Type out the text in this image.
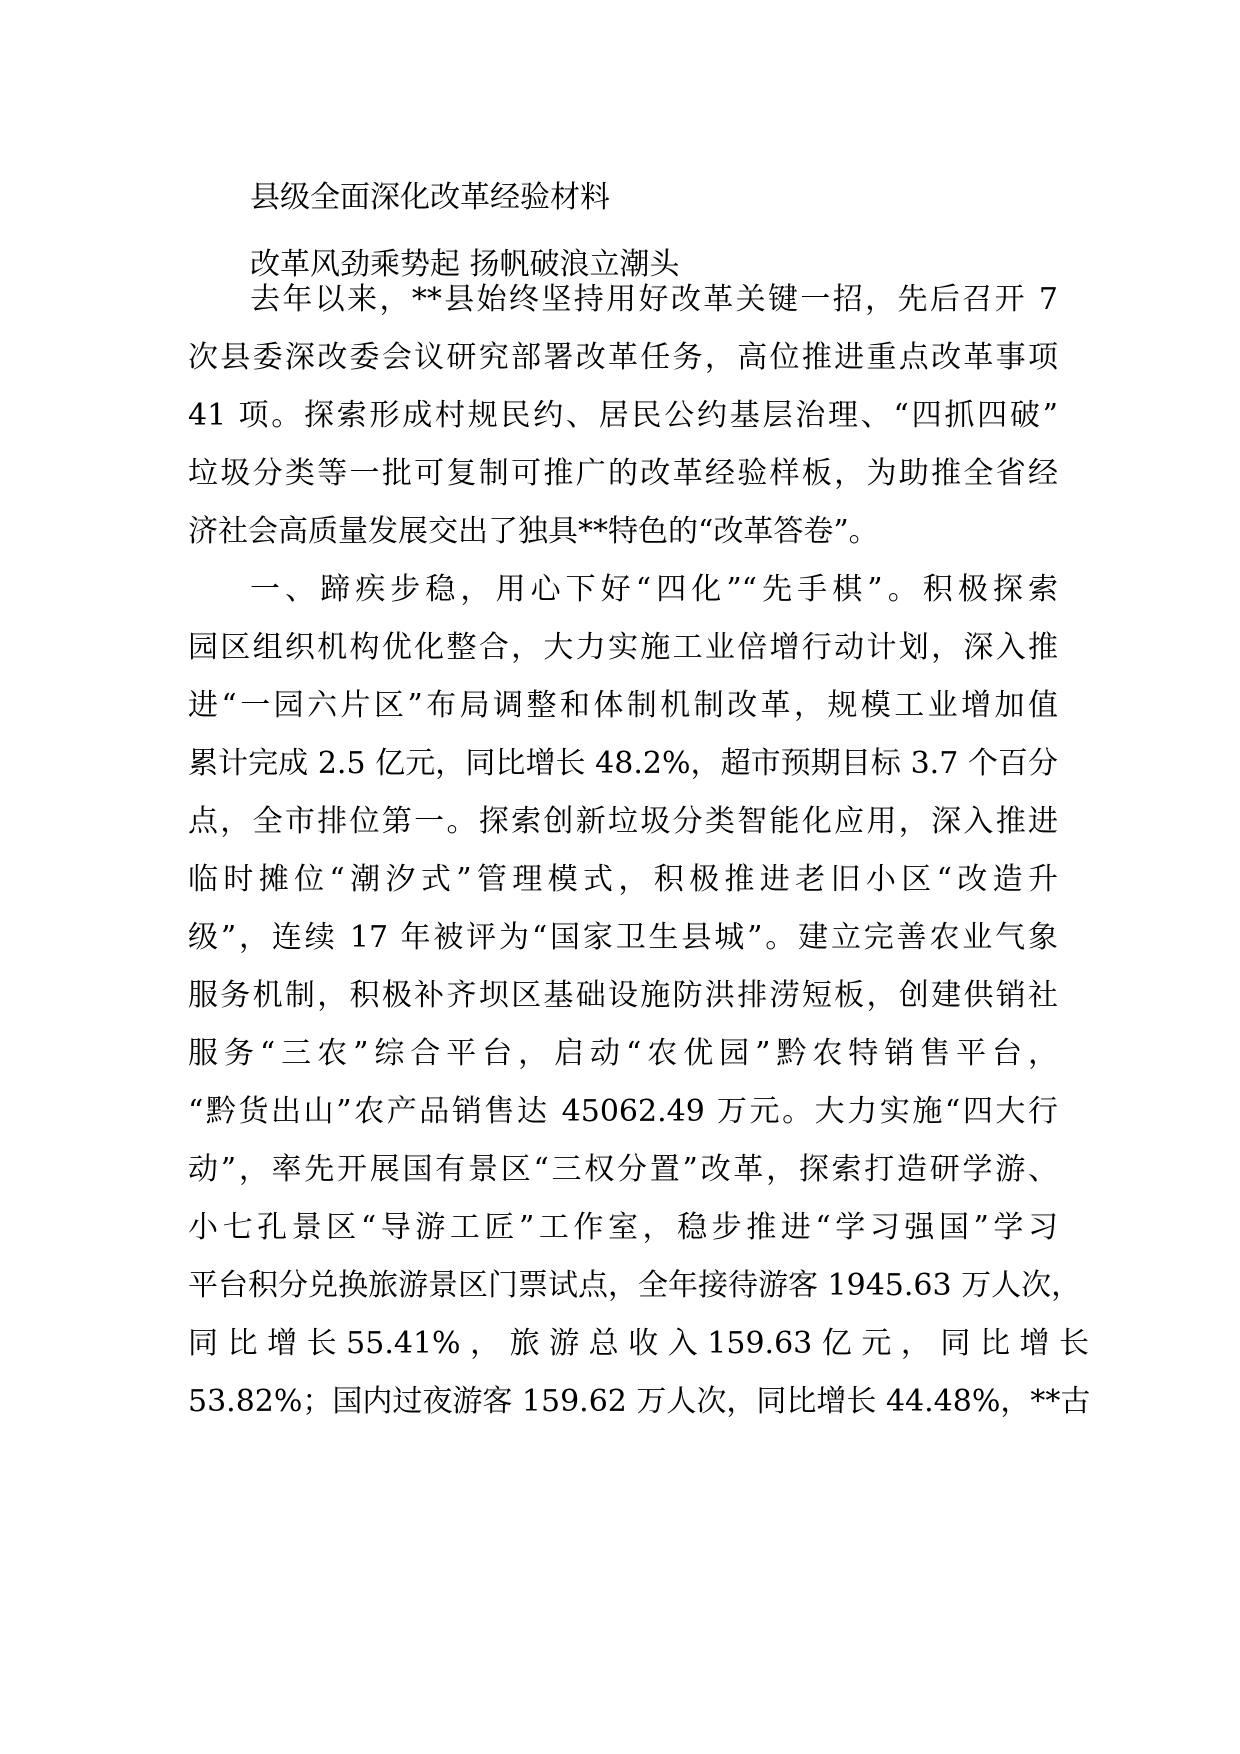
县级全面深化改革经验材料
改革风劲乘势起 扬帆破浪立潮头
去年以来，**县始终坚持用好改革关键一招，先后召开 7
次县委深改委会议研究部署改革任务，高位推进重点改革事项
41 项。探索形成村规民约、居民公约基层治理、“四抓四破”
垃圾分类等一批可复制可推广的改革经验样板，为助推全省经
济社会高质量发展交出了独具**特色的“改革答卷”。
一、蹄疾步稳，用心下好“四化”“先手棋”。积极探索
园区组织机构优化整合，大力实施工业倍增行动计划，深入推
进“一园六片区”布局调整和体制机制改革，规模工业增加值
累计完成 2.5 亿元，同比增长 48.2%，超市预期目标 3.7 个百分
点，全市排位第一。探索创新垃圾分类智能化应用，深入推进
临时摊位“潮汐式”管理模式，积极推进老旧小区“改造升
级”，连续 17 年被评为“国家卫生县城”。建立完善农业气象
服务机制，积极补齐坝区基础设施防洪排涝短板，创建供销社
服务“三农”综合平台，启动“农优园”黔农特销售平台，
“黔货出山”农产品销售达 45062.49 万元。大力实施“四大行
动”，率先开展国有景区“三权分置”改革，探索打造研学游、
小七孔景区“导游工匠”工作室，稳步推进“学习强国”学习
平台积分兑换旅游景区门票试点，全年接待游客 1945.63 万人次，
同 比 增 长 55.41% ， 旅 游 总 收 入 159.63 亿 元 ， 同 比 增 长
53.82%；国内过夜游客 159.62 万人次，同比增长 44.48%，**古
